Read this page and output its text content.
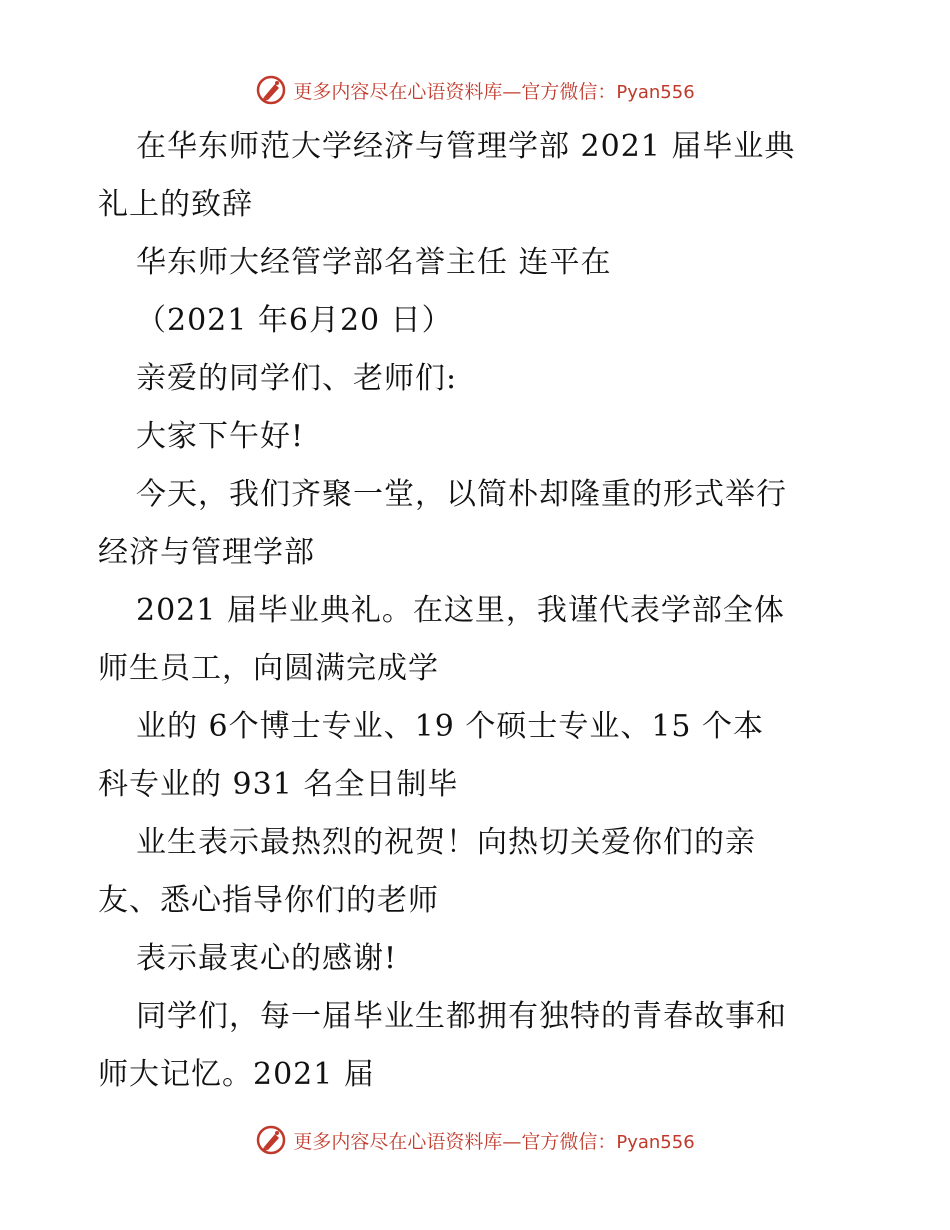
更多内容尽在心语资料库—官方微信：Pyan556
在华东师范大学经济与管理学部 2021 届毕业典
礼上的致辞
华东师大经管学部名誉主任 连平在
（2021 年6月20 日）
亲爱的同学们、老师们:
大家下午好!
今天，我们齐聚一堂，以简朴却隆重的形式举行
经济与管理学部
2021 届毕业典礼。在这里，我谨代表学部全体
师生员工，向圆满完成学
业的 6个博士专业、19 个硕士专业、15 个本
科专业的 931 名全日制毕
业生表示最热烈的祝贺！向热切关爱你们的亲
友、悉心指导你们的老师
表示最衷心的感谢!
同学们，每一届毕业生都拥有独特的青春故事和
师大记忆。2021 届
更多内容尽在心语资料库—官方微信：Pyan556
